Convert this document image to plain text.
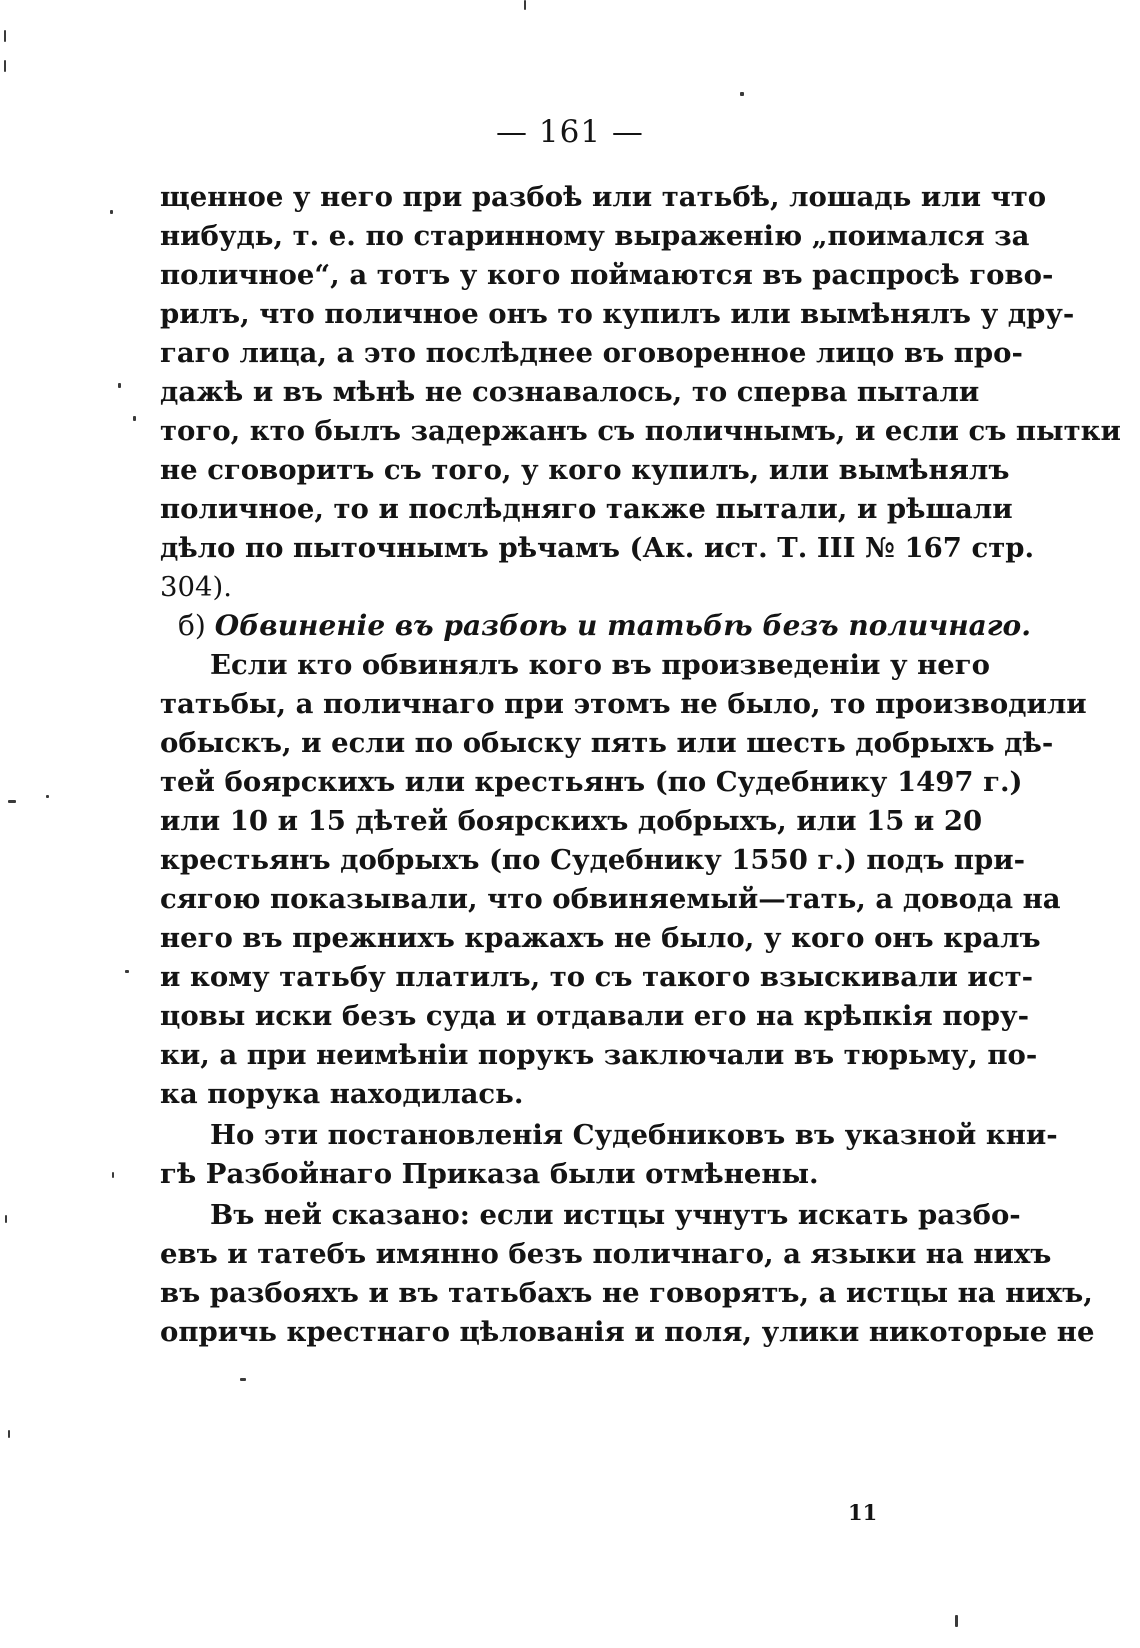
— 161 —
щенное у него при разбоѣ или татьбѣ, лошадь или что
нибудь, т. е. по старинному выраженію „поимался за
поличное“, а тотъ у кого поймаются въ распросѣ гово-
рилъ, что поличное онъ то купилъ или вымѣнялъ у дру-
гаго лица, а это послѣднее оговоренное лицо въ про-
дажѣ и въ мѣнѣ не сознавалось, то сперва пытали
того, кто былъ задержанъ съ поличнымъ, и если съ пытки
не сговоритъ съ того, у кого купилъ, или вымѣнялъ
поличное, то и послѣдняго также пытали, и рѣшали
дѣло по пыточнымъ рѣчамъ (Ак. ист. Т. III № 167 стр.
304).
б) Обвиненіе въ разбоѣ и татьбѣ безъ поличнаго.
Если кто обвинялъ кого въ произведеніи у него
татьбы, а поличнаго при этомъ не было, то производили
обыскъ, и если по обыску пять или шесть добрыхъ дѣ-
тей боярскихъ или крестьянъ (по Судебнику 1497 г.)
или 10 и 15 дѣтей боярскихъ добрыхъ, или 15 и 20
крестьянъ добрыхъ (по Судебнику 1550 г.) подъ при-
сягою показывали, что обвиняемый—тать, а довода на
него въ прежнихъ кражахъ не было, у кого онъ кралъ
и кому татьбу платилъ, то съ такого взыскивали ист-
цовы иски безъ суда и отдавали его на крѣпкія пору-
ки, а при неимѣніи порукъ заключали въ тюрьму, по-
ка порука находилась.
Но эти постановленія Судебниковъ въ указной кни-
гѣ Разбойнаго Приказа были отмѣнены.
Въ ней сказано: если истцы учнутъ искать разбо-
евъ и татебъ имянно безъ поличнаго, а языки на нихъ
въ разбояхъ и въ татьбахъ не говорятъ, а истцы на нихъ,
опричь крестнаго цѣлованія и поля, улики никоторые не
11
